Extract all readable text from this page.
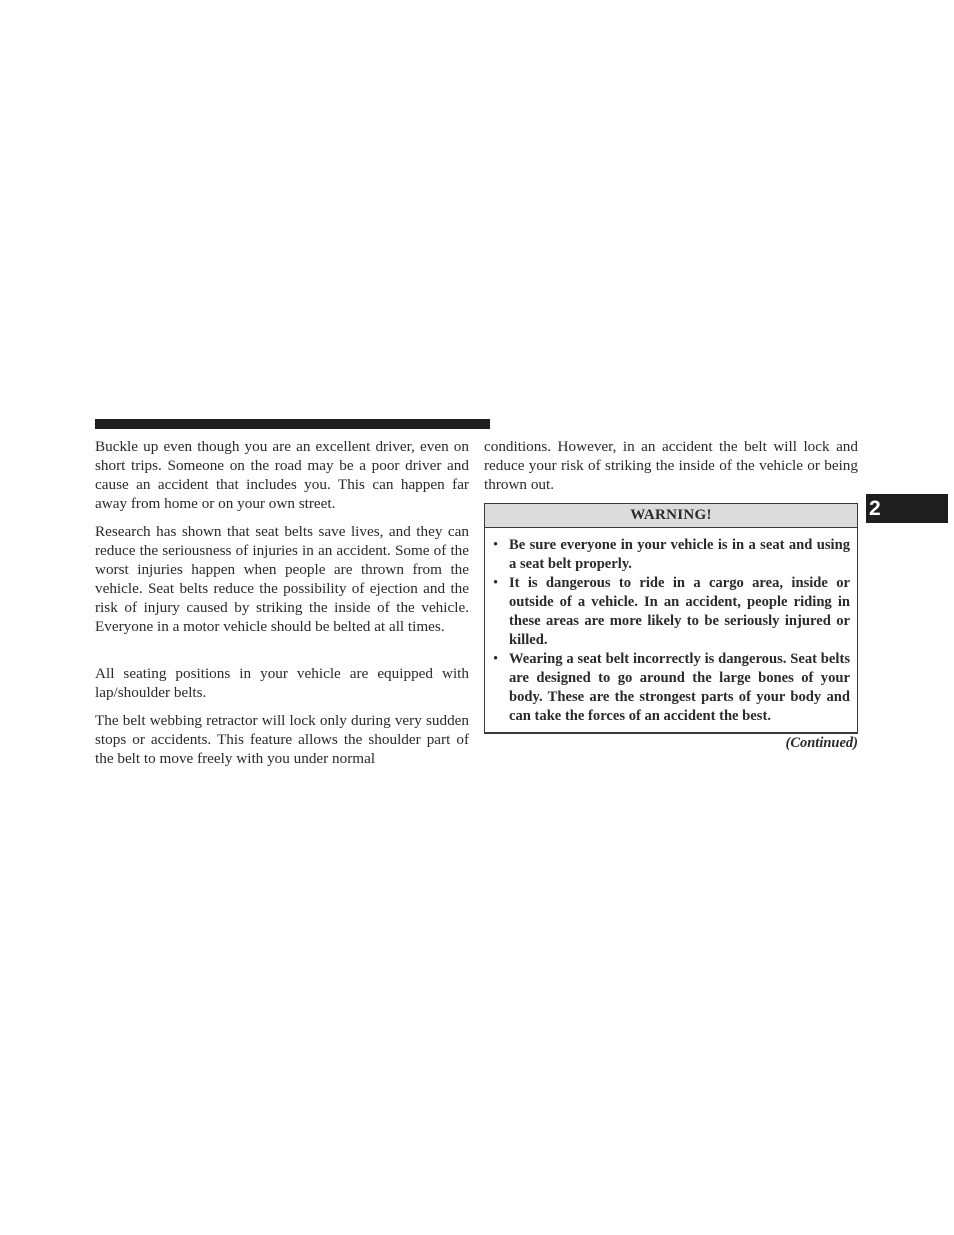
Buckle up even though you are an excellent driver, even on short trips. Someone on the road may be a poor driver and cause an accident that includes you. This can happen far away from home or on your own street.

Research has shown that seat belts save lives, and they can reduce the seriousness of injuries in an accident. Some of the worst injuries happen when people are thrown from the vehicle. Seat belts reduce the possibility of ejection and the risk of injury caused by striking the inside of the vehicle. Everyone in a motor vehicle should be belted at all times.

All seating positions in your vehicle are equipped with lap/shoulder belts.

The belt webbing retractor will lock only during very sudden stops or accidents. This feature allows the shoulder part of the belt to move freely with you under normal

conditions. However, in an accident the belt will lock and reduce your risk of striking the inside of the vehicle or being thrown out.

WARNING!
• Be sure everyone in your vehicle is in a seat and using a seat belt properly.
• It is dangerous to ride in a cargo area, inside or outside of a vehicle. In an accident, people riding in these areas are more likely to be seriously injured or killed.
• Wearing a seat belt incorrectly is dangerous. Seat belts are designed to go around the large bones of your body. These are the strongest parts of your body and can take the forces of an accident the best.
(Continued)
2
